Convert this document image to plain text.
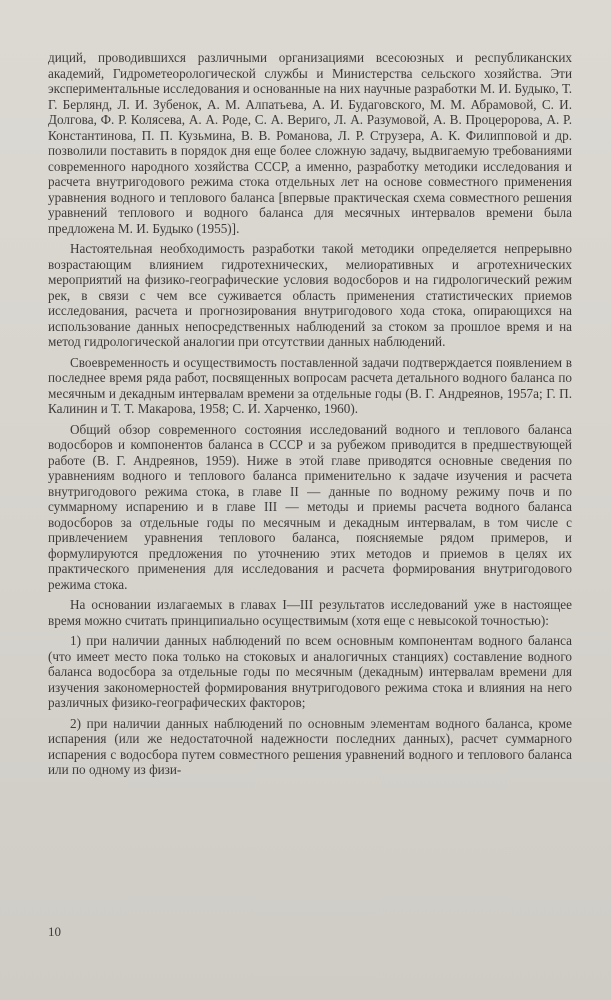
диций, проводившихся различными организациями всесоюзных и республиканских академий, Гидрометеорологической службы и Министерства сельского хозяйства. Эти экспериментальные исследования и основанные на них научные разработки М. И. Будыко, Т. Г. Берлянд, Л. И. Зубенок, А. М. Алпатьева, А. И. Будаговского, М. М. Абрамовой, С. И. Долгова, Ф. Р. Колясева, А. А. Роде, С. А. Вериго, Л. А. Разумовой, А. В. Процеророва, А. Р. Константинова, П. П. Кузьмина, В. В. Романова, Л. Р. Струзера, А. К. Филипповой и др. позволили поставить в порядок дня еще более сложную задачу, выдвигаемую требованиями современного народного хозяйства СССР, а именно, разработку методики исследования и расчета внутригодового режима стока отдельных лет на основе совместного применения уравнения водного и теплового баланса [впервые практическая схема совместного решения уравнений теплового и водного баланса для месячных интервалов времени была предложена М. И. Будыко (1955)].

Настоятельная необходимость разработки такой методики определяется непрерывно возрастающим влиянием гидротехнических, мелиоративных и агротехнических мероприятий на физико-географические условия водосборов и на гидрологический режим рек, в связи с чем все суживается область применения статистических приемов исследования, расчета и прогнозирования внутригодового хода стока, опирающихся на использование данных непосредственных наблюдений за стоком за прошлое время и на метод гидрологической аналогии при отсутствии данных наблюдений.

Своевременность и осуществимость поставленной задачи подтверждается появлением в последнее время ряда работ, посвященных вопросам расчета детального водного баланса по месячным и декадным интервалам времени за отдельные годы (В. Г. Андреянов, 1957а; Г. П. Калинин и Т. Т. Макарова, 1958; С. И. Харченко, 1960).

Общий обзор современного состояния исследований водного и теплового баланса водосборов и компонентов баланса в СССР и за рубежом приводится в предшествующей работе (В. Г. Андреянов, 1959). Ниже в этой главе приводятся основные сведения по уравнениям водного и теплового баланса применительно к задаче изучения и расчета внутригодового режима стока, в главе II — данные по водному режиму почв и по суммарному испарению и в главе III — методы и приемы расчета водного баланса водосборов за отдельные годы по месячным и декадным интервалам, в том числе с привлечением уравнения теплового баланса, поясняемые рядом примеров, и формулируются предложения по уточнению этих методов и приемов в целях их практического применения для исследования и расчета формирования внутригодового режима стока.

На основании излагаемых в главах I—III результатов исследований уже в настоящее время можно считать принципиально осуществимым (хотя еще с невысокой точностью):

1) при наличии данных наблюдений по всем основным компонентам водного баланса (что имеет место пока только на стоковых и аналогичных станциях) составление водного баланса водосбора за отдельные годы по месячным (декадным) интервалам времени для изучения закономерностей формирования внутригодового режима стока и влияния на него различных физико-географических факторов;

2) при наличии данных наблюдений по основным элементам водного баланса, кроме испарения (или же недостаточной надежности последних данных), расчет суммарного испарения с водосбора путем совместного решения уравнений водного и теплового баланса или по одному из физи-

10
